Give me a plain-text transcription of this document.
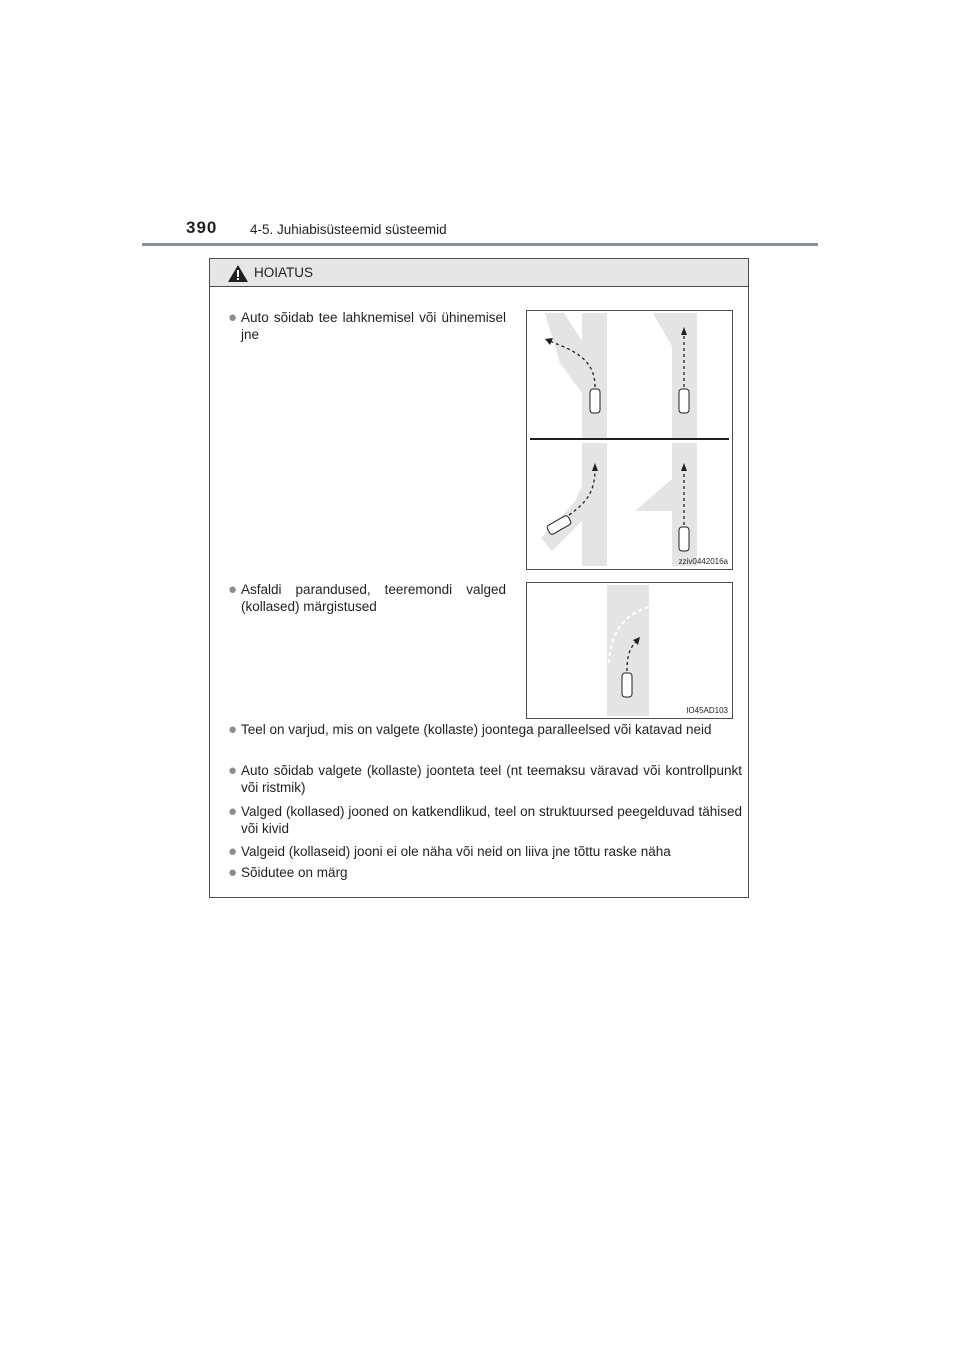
390 4-5. Juhiabisüsteemid süsteemid
HOIATUS
● Auto sõidab tee lahknemisel või ühinemisel jne
zziv0442016a
● Asfaldi parandused, teeremondi valged (kollased) märgistused
IO45AD103
● Teel on varjud, mis on valgete (kollaste) joontega paralleelsed või katavad neid
● Auto sõidab valgete (kollaste) joonteta teel (nt teemaksu väravad või kontrollpunkt või ristmik)
● Valged (kollased) jooned on katkendlikud, teel on struktuursed peegelduvad tähised või kivid
● Valgeid (kollaseid) jooni ei ole näha või neid on liiva jne tõttu raske näha
● Sõidutee on märg
